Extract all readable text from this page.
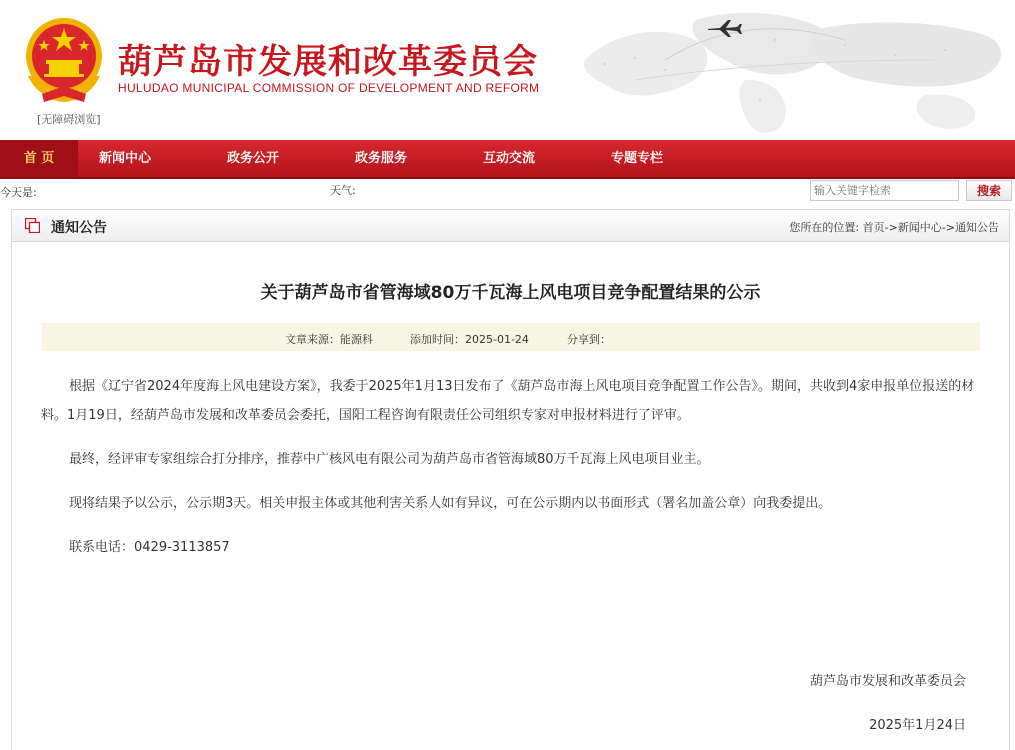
葫芦岛市发展和改革委员会
HULUDAO MUNICIPAL COMMISSION OF DEVELOPMENT AND REFORM
[无障碍浏览]
首 页	新闻中心	政务公开	政务服务	互动交流	专题专栏
今天是:	天气:
输入关键字检索	搜索
通知公告	您所在的位置: 首页->新闻中心->通知公告
关于葫芦岛市省管海域80万千瓦海上风电项目竞争配置结果的公示
文章来源：能源科	添加时间：2025-01-24	分享到：

根据《辽宁省2024年度海上风电建设方案》，我委于2025年1月13日发布了《葫芦岛市海上风电项目竞争配置工作公告》。期间，共收到4家申报单位报送的材料。1月19日，经葫芦岛市发展和改革委员会委托，国阳工程咨询有限责任公司组织专家对申报材料进行了评审。

最终，经评审专家组综合打分排序，推荐中广核风电有限公司为葫芦岛市省管海域80万千瓦海上风电项目业主。

现将结果予以公示，公示期3天。相关申报主体或其他利害关系人如有异议，可在公示期内以书面形式（署名加盖公章）向我委提出。

联系电话：0429-3113857

葫芦岛市发展和改革委员会
2025年1月24日
